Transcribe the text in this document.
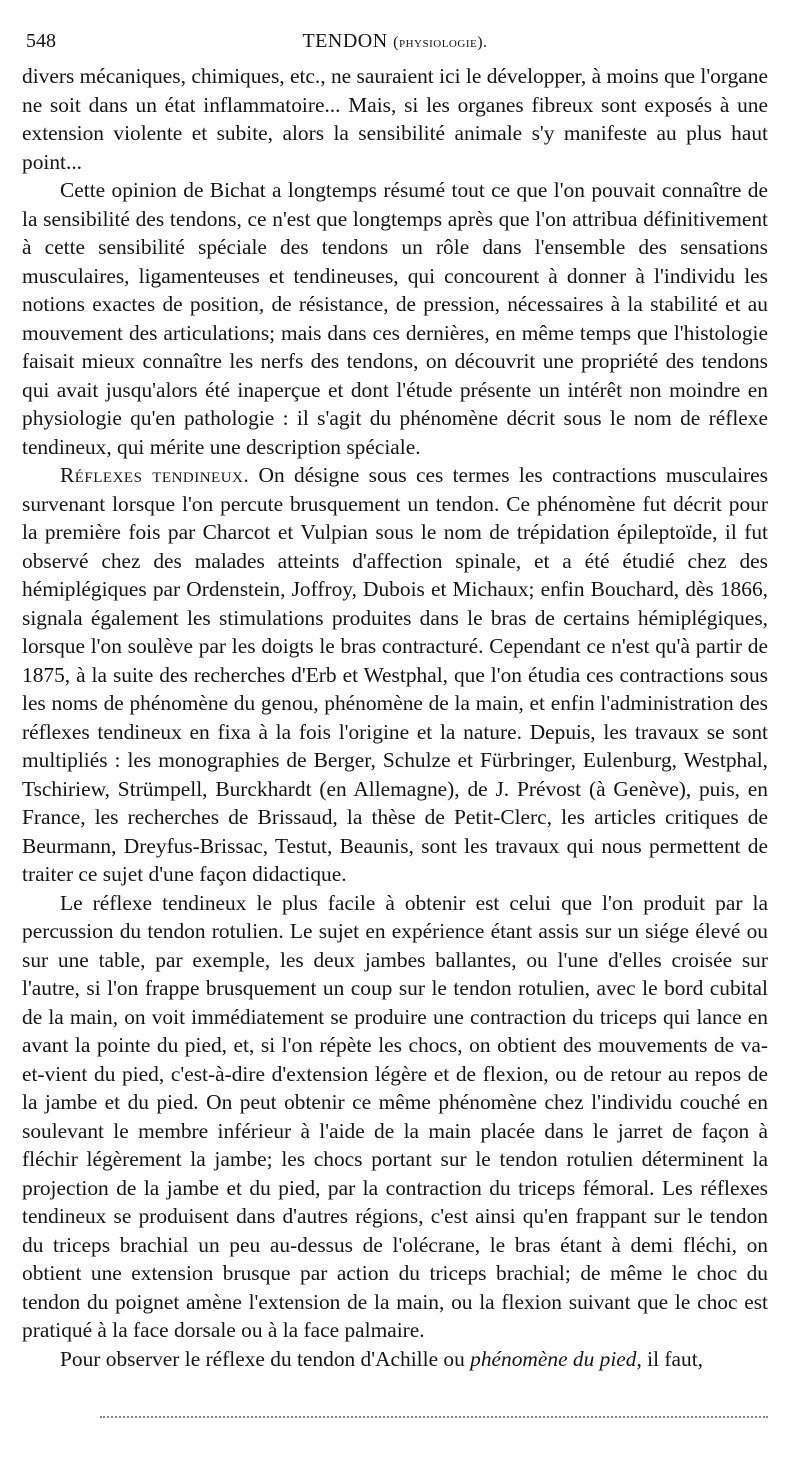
548	TENDON (physiologie).

divers mécaniques, chimiques, etc., ne sauraient ici le développer, à moins que l'organe ne soit dans un état inflammatoire... Mais, si les organes fibreux sont exposés à une extension violente et subite, alors la sensibilité animale s'y manifeste au plus haut point...

Cette opinion de Bichat a longtemps résumé tout ce que l'on pouvait connaître de la sensibilité des tendons, ce n'est que longtemps après que l'on attribua définitivement à cette sensibilité spéciale des tendons un rôle dans l'ensemble des sensations musculaires, ligamenteuses et tendineuses, qui concourent à donner à l'individu les notions exactes de position, de résistance, de pression, nécessaires à la stabilité et au mouvement des articulations; mais dans ces dernières, en même temps que l'histologie faisait mieux connaître les nerfs des tendons, on découvrit une propriété des tendons qui avait jusqu'alors été inaperçue et dont l'étude présente un intérêt non moindre en physiologie qu'en pathologie : il s'agit du phénomène décrit sous le nom de réflexe tendineux, qui mérite une description spéciale.

Réflexes tendineux. On désigne sous ces termes les contractions musculaires survenant lorsque l'on percute brusquement un tendon. Ce phénomène fut décrit pour la première fois par Charcot et Vulpian sous le nom de trépidation épileptoïde, il fut observé chez des malades atteints d'affection spinale, et a été étudié chez des hémiplégiques par Ordenstein, Joffroy, Dubois et Michaux; enfin Bouchard, dès 1866, signala également les stimulations produites dans le bras de certains hémiplégiques, lorsque l'on soulève par les doigts le bras contracturé. Cependant ce n'est qu'à partir de 1875, à la suite des recherches d'Erb et Westphal, que l'on étudia ces contractions sous les noms de phénomène du genou, phénomène de la main, et enfin l'administration des réflexes tendineux en fixa à la fois l'origine et la nature. Depuis, les travaux se sont multipliés : les monographies de Berger, Schulze et Fürbringer, Eulenburg, Westphal, Tschiriew, Strümpell, Burckhardt (en Allemagne), de J. Prévost (à Genève), puis, en France, les recherches de Brissaud, la thèse de Petit-Clerc, les articles critiques de Beurmann, Dreyfus-Brissac, Testut, Beaunis, sont les travaux qui nous permettent de traiter ce sujet d'une façon didactique.

Le réflexe tendineux le plus facile à obtenir est celui que l'on produit par la percussion du tendon rotulien. Le sujet en expérience étant assis sur un siége élevé ou sur une table, par exemple, les deux jambes ballantes, ou l'une d'elles croisée sur l'autre, si l'on frappe brusquement un coup sur le tendon rotulien, avec le bord cubital de la main, on voit immédiatement se produire une contraction du triceps qui lance en avant la pointe du pied, et, si l'on répète les chocs, on obtient des mouvements de va-et-vient du pied, c'est-à-dire d'extension légère et de flexion, ou de retour au repos de la jambe et du pied. On peut obtenir ce même phénomène chez l'individu couché en soulevant le membre inférieur à l'aide de la main placée dans le jarret de façon à fléchir légèrement la jambe; les chocs portant sur le tendon rotulien déterminent la projection de la jambe et du pied, par la contraction du triceps fémoral. Les réflexes tendineux se produisent dans d'autres régions, c'est ainsi qu'en frappant sur le tendon du triceps brachial un peu au-dessus de l'olécrane, le bras étant à demi fléchi, on obtient une extension brusque par action du triceps brachial; de même le choc du tendon du poignet amène l'extension de la main, ou la flexion suivant que le choc est pratiqué à la face dorsale ou à la face palmaire.

Pour observer le réflexe du tendon d'Achille ou phénomène du pied, il faut,
